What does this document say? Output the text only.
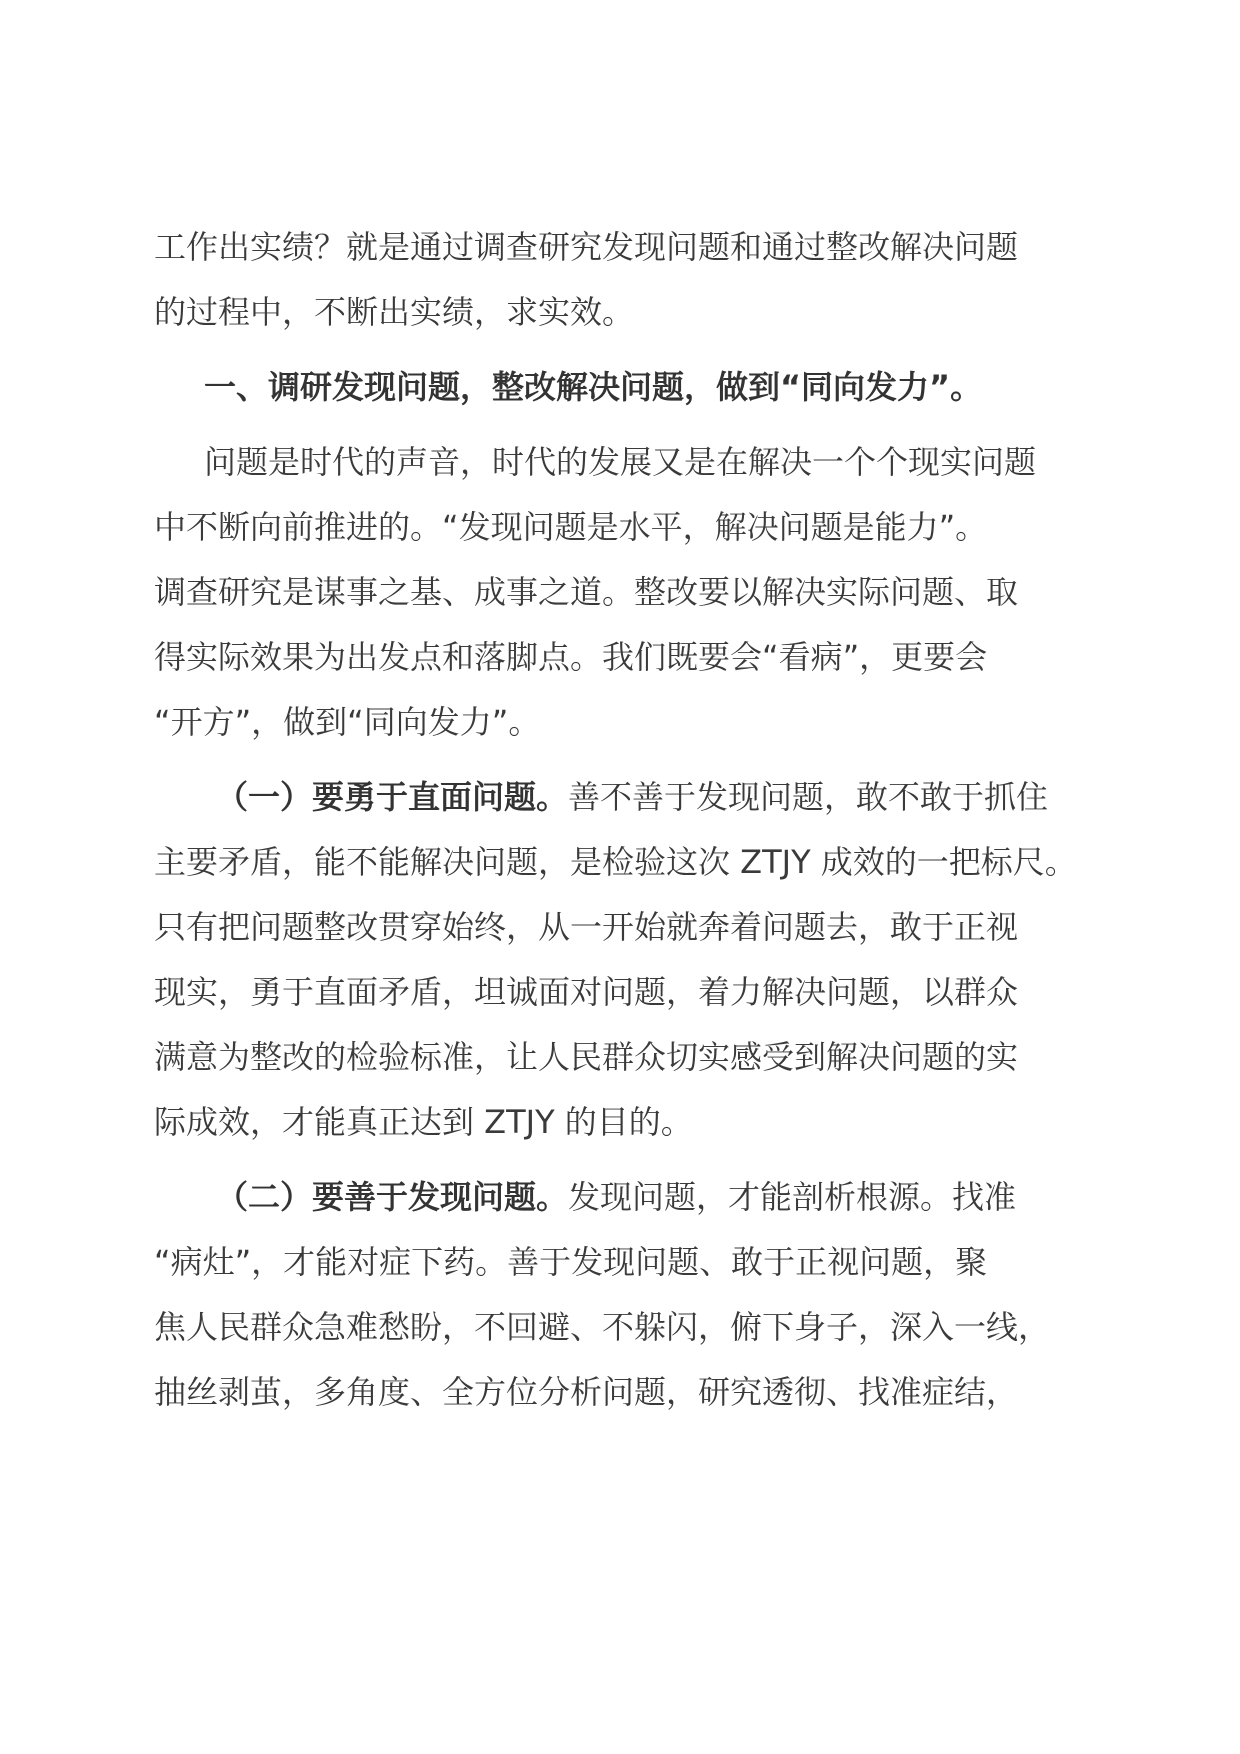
工作出实绩？就是通过调查研究发现问题和通过整改解决问题
的过程中，不断出实绩，求实效。
一、调研发现问题，整改解决问题，做到“同向发力”。
问题是时代的声音，时代的发展又是在解决一个个现实问题
中不断向前推进的。“发现问题是水平，解决问题是能力”。
调查研究是谋事之基、成事之道。整改要以解决实际问题、取
得实际效果为出发点和落脚点。我们既要会“看病”，更要会
“开方”，做到“同向发力”。
（一）要勇于直面问题。善不善于发现问题，敢不敢于抓住
主要矛盾，能不能解决问题，是检验这次 ZTJY 成效的一把标尺。
只有把问题整改贯穿始终，从一开始就奔着问题去，敢于正视
现实，勇于直面矛盾，坦诚面对问题，着力解决问题，以群众
满意为整改的检验标准，让人民群众切实感受到解决问题的实
际成效，才能真正达到 ZTJY 的目的。
（二）要善于发现问题。发现问题，才能剖析根源。找准
“病灶”，才能对症下药。善于发现问题、敢于正视问题，聚
焦人民群众急难愁盼，不回避、不躲闪，俯下身子，深入一线，
抽丝剥茧，多角度、全方位分析问题，研究透彻、找准症结，
